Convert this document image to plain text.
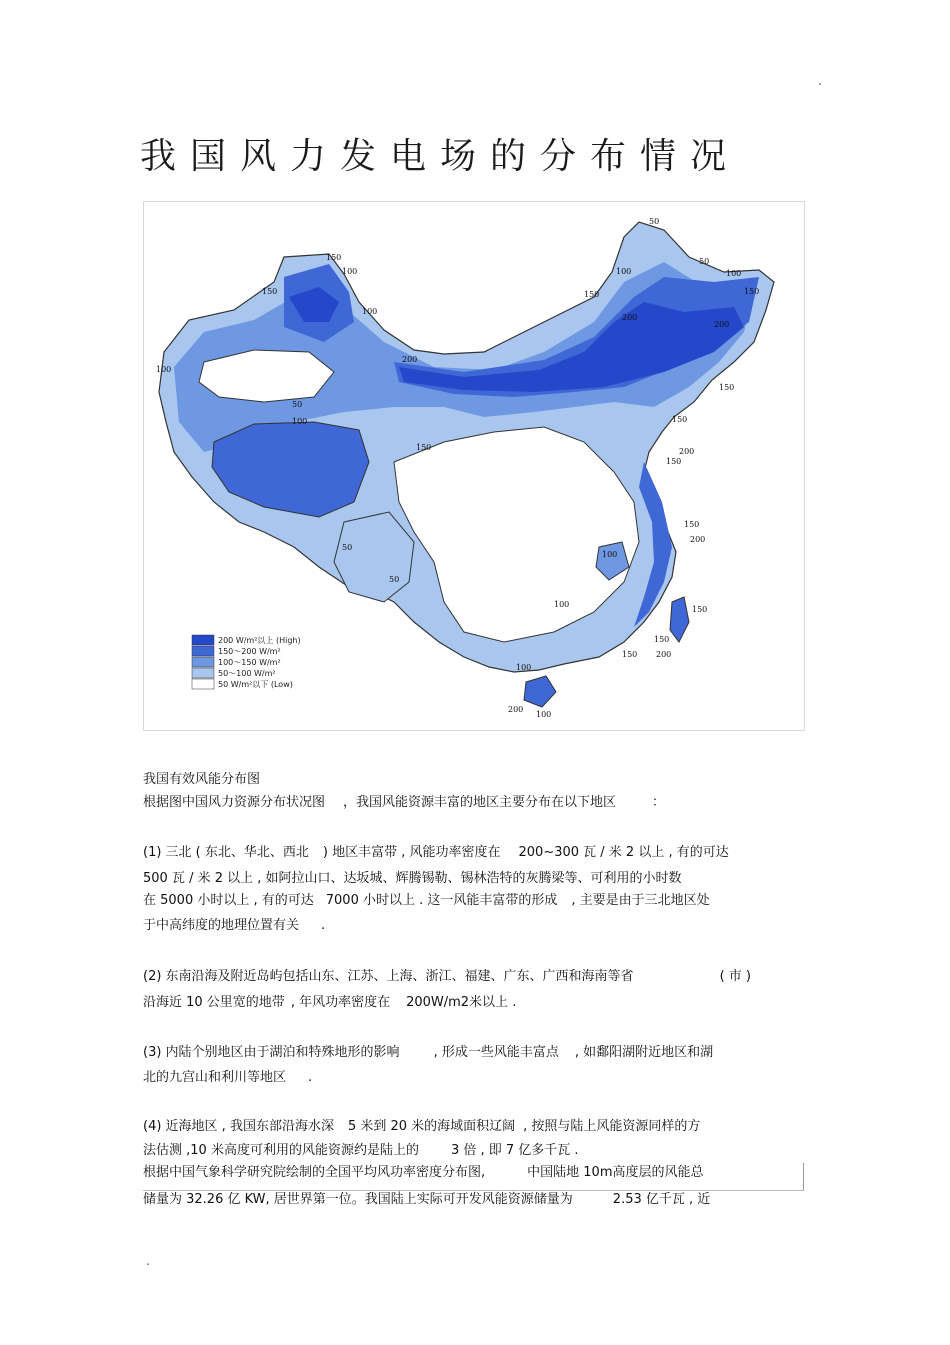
.
我国风力发电场的分布情况
150
100
150
100
200
100
50
100
50
50
100
100
150
200
200
150
150
150
200
150
150
200
150
150
200
150
100
200
100
50
50
100
100
150
200 W/m²以上 (High)
150～200 W/m²
100～150 W/m²
50～100 W/m²
50 W/m²以下 (Low)
我国有效风能分布图
根据图中国风力资源分布状况图 ，我国风能资源丰富的地区主要分布在以下地区	：
(1) 三北 ( 东北、华北、西北 ) 地区丰富带 , 风能功率密度在 200~300 瓦 / 米 2 以上 , 有的可达
500 瓦 / 米 2 以上 , 如阿拉山口、达坂城、辉腾锡勒、锡林浩特的灰腾梁等、可利用的小时数
在 5000 小时以上 , 有的可达 7000 小时以上 . 这一风能丰富带的形成 , 主要是由于三北地区处
于中高纬度的地理位置有关 .
(2) 东南沿海及附近岛屿包括山东、江苏、上海、浙江、福建、广东、广西和海南等省	( 市 )
沿海近 10 公里宽的地带 , 年风功率密度在 200W/m2米以上 .
(3) 内陆个别地区由于湖泊和特殊地形的影响	, 形成一些风能丰富点 , 如鄱阳湖附近地区和湖
北的九宫山和利川等地区 .
(4) 近海地区 , 我国东部沿海水深 5 米到 20 米的海域面积辽阔 , 按照与陆上风能资源同样的方
法估测 ,10 米高度可利用的风能资源约是陆上的 3 倍 , 即 7 亿多千瓦 .
根据中国气象科学研究院绘制的全国平均风功率密度分布图,	中国陆地 10m高度层的风能总
储量为 32.26 亿 KW, 居世界第一位。我国陆上实际可开发风能资源储量为	2.53 亿千瓦 , 近
.
